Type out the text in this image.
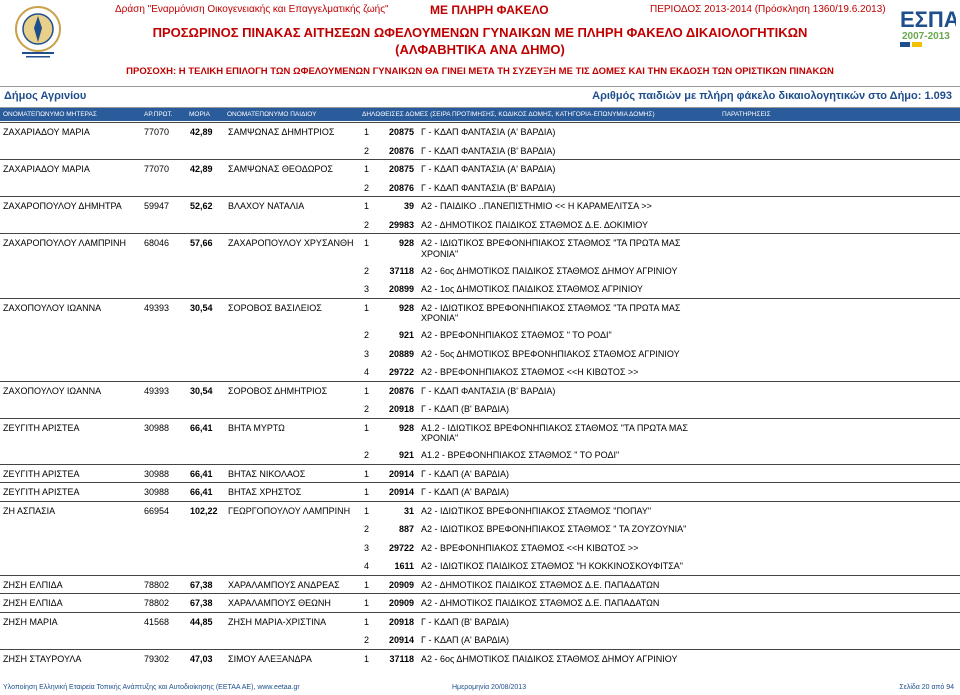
Δράση "Εναρμόνιση Οικογενειακής και Επαγγελματικής ζωής"	ΜΕ ΠΛΗΡΗ ΦΑΚΕΛΟ	ΠΕΡΙΟΔΟΣ 2013-2014 (Πρόσκληση 1360/19.6.2013)
ΠΡΟΣΩΡΙΝΟΣ ΠΙΝΑΚΑΣ ΑΙΤΗΣΕΩΝ ΩΦΕΛΟΥΜΕΝΩΝ ΓΥΝΑΙΚΩΝ ΜΕ ΠΛΗΡΗ ΦΑΚΕΛΟ ΔΙΚΑΙΟΛΟΓΗΤΙΚΩΝ
(ΑΛΦΑΒΗΤΙΚΑ ΑΝΑ ΔΗΜΟ)
ΠΡΟΣΟΧΗ: Η ΤΕΛΙΚΗ ΕΠΙΛΟΓΗ ΤΩΝ ΩΦΕΛΟΥΜΕΝΩΝ ΓΥΝΑΙΚΩΝ ΘΑ ΓΙΝΕΙ ΜΕΤΑ ΤΗ ΣΥΖΕΥΞΗ ΜΕ ΤΙΣ ΔΟΜΕΣ ΚΑΙ ΤΗΝ ΕΚΔΟΣΗ ΤΩΝ ΟΡΙΣΤΙΚΩΝ ΠΙΝΑΚΩΝ
ΕΣΠΑ
2007-2013
Δήμος Αγρινίου	Αριθμός παιδιών με πλήρη φάκελο δικαιολογητικών στο Δήμο: 1.093
ΟΝΟΜΑΤΕΠΩΝΥΜΟ ΜΗΤΕΡΑΣ	ΑΡ.ΠΡΩΤ.	ΜΟΡΙΑ	ΟΝΟΜΑΤΕΠΩΝΥΜΟ ΠΑΙΔΙΟΥ	ΔΗΛΩΘΕΙΣΕΣ ΔΟΜΕΣ (ΣΕΙΡΑ ΠΡΟΤΙΜΗΣΗΣ, ΚΩΔΙΚΟΣ ΔΟΜΗΣ, ΚΑΤΗΓΟΡΙΑ-ΕΠΩΝΥΜΙΑ ΔΟΜΗΣ)	ΠΑΡΑΤΗΡΗΣΕΙΣ
ΖΑΧΑΡΙΑΔΟΥ ΜΑΡΙΑ	77070 42,89 ΣΑΜΨΩΝΑΣ ΔΗΜΗΤΡΙΟΣ	1	20875 Γ - ΚΔΑΠ ΦΑΝΤΑΣΙΑ (Α' ΒΑΡΔΙΑ)
2	20876 Γ - ΚΔΑΠ ΦΑΝΤΑΣΙΑ (Β' ΒΑΡΔΙΑ)
ΖΑΧΑΡΙΑΔΟΥ ΜΑΡΙΑ	77070 42,89 ΣΑΜΨΩΝΑΣ ΘΕΟΔΩΡΟΣ	1	20875 Γ - ΚΔΑΠ ΦΑΝΤΑΣΙΑ (Α' ΒΑΡΔΙΑ)
2	20876 Γ - ΚΔΑΠ ΦΑΝΤΑΣΙΑ (Β' ΒΑΡΔΙΑ)
ΖΑΧΑΡΟΠΟΥΛΟΥ ΔΗΜΗΤΡΑ 59947 52,62 ΒΛΑΧΟΥ ΝΑΤΑΛΙΑ	1	39 Α2 - ΠΑΙΔΙΚΟ ..ΠΑΝΕΠΙΣΤΗΜΙΟ << Η ΚΑΡΑΜΕΛΙΤΣΑ >>
2	29983 Α2 - ΔΗΜΟΤΙΚΟΣ ΠΑΙΔΙΚΟΣ ΣΤΑΘΜΟΣ Δ.Ε. ΔΟΚΙΜΙΟΥ
ΖΑΧΑΡΟΠΟΥΛΟΥ ΛΑΜΠΡΙΝΗ 68046 57,66 ΖΑΧΑΡΟΠΟΥΛΟΥ ΧΡΥΣΑΝΘΗ 1	928 Α2 - ΙΔΙΩΤΙΚΟΣ ΒΡΕΦΟΝΗΠΙΑΚΟΣ ΣΤΑΘΜΟΣ "ΤΑ ΠΡΩΤΑ ΜΑΣ
ΧΡΟΝΙΑ"
2	37118 Α2 - 6ος ΔΗΜΟΤΙΚΟΣ ΠΑΙΔΙΚΟΣ ΣΤΑΘΜΟΣ ΔΗΜΟΥ ΑΓΡΙΝΙΟΥ
3	20899 Α2 - 1ος ΔΗΜΟΤΙΚΟΣ ΠΑΙΔΙΚΟΣ ΣΤΑΘΜΟΣ ΑΓΡΙΝΙΟΥ
ΖΑΧΟΠΟΥΛΟΥ ΙΩΑΝΝΑ	49393 30,54 ΣΟΡΟΒΟΣ ΒΑΣΙΛΕΙΟΣ	1	928 Α2 - ΙΔΙΩΤΙΚΟΣ ΒΡΕΦΟΝΗΠΙΑΚΟΣ ΣΤΑΘΜΟΣ "ΤΑ ΠΡΩΤΑ ΜΑΣ
ΧΡΟΝΙΑ"
2	921 Α2 - ΒΡΕΦΟΝΗΠΙΑΚΟΣ ΣΤΑΘΜΟΣ " ΤΟ ΡΟΔΙ"
3	20889 Α2 - 5ος ΔΗΜΟΤΙΚΟΣ ΒΡΕΦΟΝΗΠΙΑΚΟΣ ΣΤΑΘΜΟΣ ΑΓΡΙΝΙΟΥ
4	29722 Α2 - ΒΡΕΦΟΝΗΠΙΑΚΟΣ ΣΤΑΘΜΟΣ <<Η ΚΙΒΩΤΟΣ >>
ΖΑΧΟΠΟΥΛΟΥ ΙΩΑΝΝΑ	49393 30,54 ΣΟΡΟΒΟΣ ΔΗΜΗΤΡΙΟΣ	1	20876 Γ - ΚΔΑΠ ΦΑΝΤΑΣΙΑ (Β' ΒΑΡΔΙΑ)
2	20918 Γ - ΚΔΑΠ (Β' ΒΑΡΔΙΑ)
ΖΕΥΓΙΤΗ ΑΡΙΣΤΕΑ	30988 66,41 ΒΗΤΑ ΜΥΡΤΩ	1	928 Α1.2 - ΙΔΙΩΤΙΚΟΣ ΒΡΕΦΟΝΗΠΙΑΚΟΣ ΣΤΑΘΜΟΣ "ΤΑ ΠΡΩΤΑ ΜΑΣ
ΧΡΟΝΙΑ"
2	921 Α1.2 - ΒΡΕΦΟΝΗΠΙΑΚΟΣ ΣΤΑΘΜΟΣ " ΤΟ ΡΟΔΙ"
ΖΕΥΓΙΤΗ ΑΡΙΣΤΕΑ	30988 66,41 ΒΗΤΑΣ ΝΙΚΟΛΑΟΣ	1	20914 Γ - ΚΔΑΠ (Α' ΒΑΡΔΙΑ)
ΖΕΥΓΙΤΗ ΑΡΙΣΤΕΑ	30988 66,41 ΒΗΤΑΣ ΧΡΗΣΤΟΣ	1	20914 Γ - ΚΔΑΠ (Α' ΒΑΡΔΙΑ)
ΖΗ ΑΣΠΑΣΙΑ	66954 102,22 ΓΕΩΡΓΟΠΟΥΛΟΥ ΛΑΜΠΡΙΝΗ 1	31 Α2 - ΙΔΙΩΤΙΚΟΣ ΒΡΕΦΟΝΗΠΙΑΚΟΣ ΣΤΑΘΜΟΣ "ΠΟΠΑΥ"
2	887 Α2 - ΙΔΙΩΤΙΚΟΣ ΒΡΕΦΟΝΗΠΙΑΚΟΣ ΣΤΑΘΜΟΣ " ΤΑ ΖΟΥΖΟΥΝΙΑ"
3	29722 Α2 - ΒΡΕΦΟΝΗΠΙΑΚΟΣ ΣΤΑΘΜΟΣ <<Η ΚΙΒΩΤΟΣ >>
4	1611 Α2 - ΙΔΙΩΤΙΚΟΣ ΠΑΙΔΙΚΟΣ ΣΤΑΘΜΟΣ "Η ΚΟΚΚΙΝΟΣΚΟΥΦΙΤΣΑ"
ΖΗΣΗ ΕΛΠΙΔΑ	78802 67,38 ΧΑΡΑΛΑΜΠΟΥΣ ΑΝΔΡΕΑΣ	1	20909 Α2 - ΔΗΜΟΤΙΚΟΣ ΠΑΙΔΙΚΟΣ ΣΤΑΘΜΟΣ Δ.Ε. ΠΑΠΑΔΑΤΩΝ
ΖΗΣΗ ΕΛΠΙΔΑ	78802 67,38 ΧΑΡΑΛΑΜΠΟΥΣ ΘΕΩΝΗ	1	20909 Α2 - ΔΗΜΟΤΙΚΟΣ ΠΑΙΔΙΚΟΣ ΣΤΑΘΜΟΣ Δ.Ε. ΠΑΠΑΔΑΤΩΝ
ΖΗΣΗ ΜΑΡΙΑ	41568 44,85 ΖΗΣΗ ΜΑΡΙΑ-ΧΡΙΣΤΙΝΑ	1	20918 Γ - ΚΔΑΠ (Β' ΒΑΡΔΙΑ)
2	20914 Γ - ΚΔΑΠ (Α' ΒΑΡΔΙΑ)
ΖΗΣΗ ΣΤΑΥΡΟΥΛΑ	79302 47,03 ΣΙΜΟΥ ΑΛΕΞΑΝΔΡΑ	1	37118 Α2 - 6ος ΔΗΜΟΤΙΚΟΣ ΠΑΙΔΙΚΟΣ ΣΤΑΘΜΟΣ ΔΗΜΟΥ ΑΓΡΙΝΙΟΥ
Υλοποίηση Ελληνική Εταιρεία Τοπικής Ανάπτυξης και Αυτοδιοίκησης (ΕΕΤΑΑ ΑΕ), www.eetaa.gr	Ημερομηνία 20/08/2013	Σελίδα 20 από 94
